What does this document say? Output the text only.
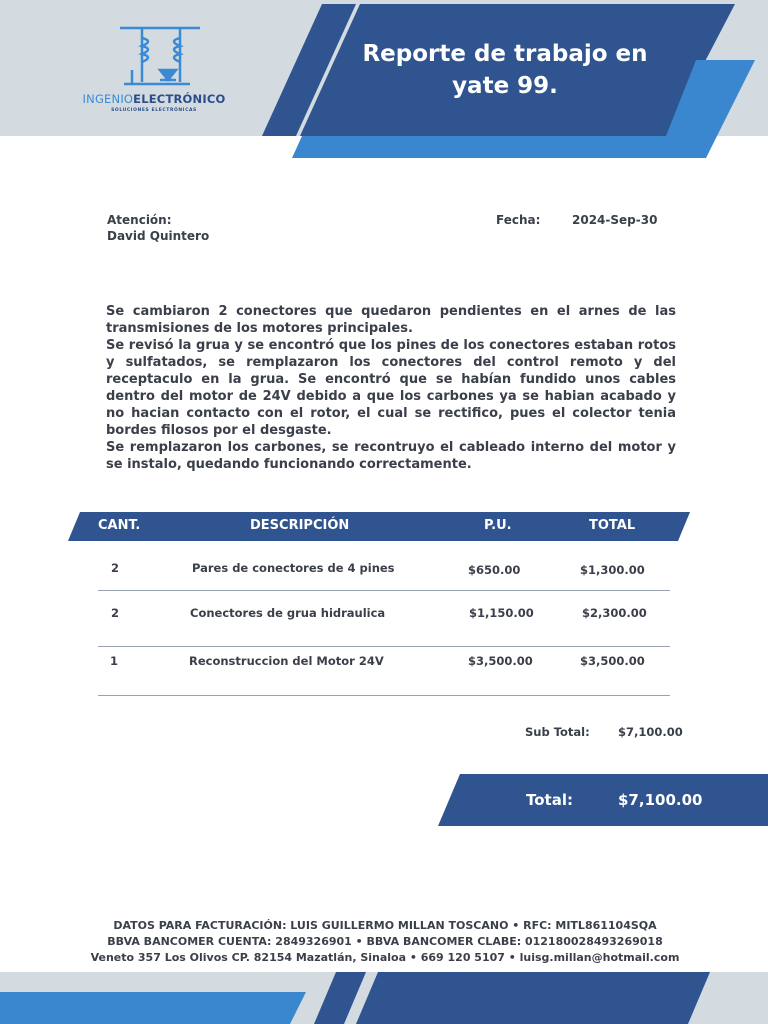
INGENIOELECTRÓNICO
SOLUCIONES ELECTRÓNICAS
Reporte de trabajo en yate 99.
Atención:
David Quintero
Fecha:	2024-Sep-30

Se cambiaron 2 conectores que quedaron pendientes en el arnes de las transmisiones de los motores principales.

Se revisó la grua y se encontró que los pines de los conectores estaban rotos y sulfatados, se remplazaron los conectores del control remoto y del receptaculo en la grua. Se encontró que se habían fundido unos cables dentro del motor de 24V debido a que los carbones ya se habian acabado y no hacian contacto con el rotor, el cual se rectifico, pues el colector tenia bordes filosos por el desgaste.

Se remplazaron los carbones, se recontruyo el cableado interno del motor y se instalo, quedando funcionando correctamente.

CANT.	DESCRIPCIÓN	P.U.	TOTAL
2	Pares de conectores de 4 pines	$650.00	$1,300.00
2	Conectores de grua hidraulica	$1,150.00	$2,300.00
1	Reconstruccion del Motor 24V	$3,500.00	$3,500.00
Sub Total: $7,100.00
Total:	$7,100.00
DATOS PARA FACTURACIÓN: LUIS GUILLERMO MILLAN TOSCANO • RFC: MITL861104SQA
BBVA BANCOMER CUENTA: 2849326901 • BBVA BANCOMER CLABE: 012180028493269018
Veneto 357 Los Olivos CP. 82154 Mazatlán, Sinaloa • 669 120 5107 • luisg.millan@hotmail.com
